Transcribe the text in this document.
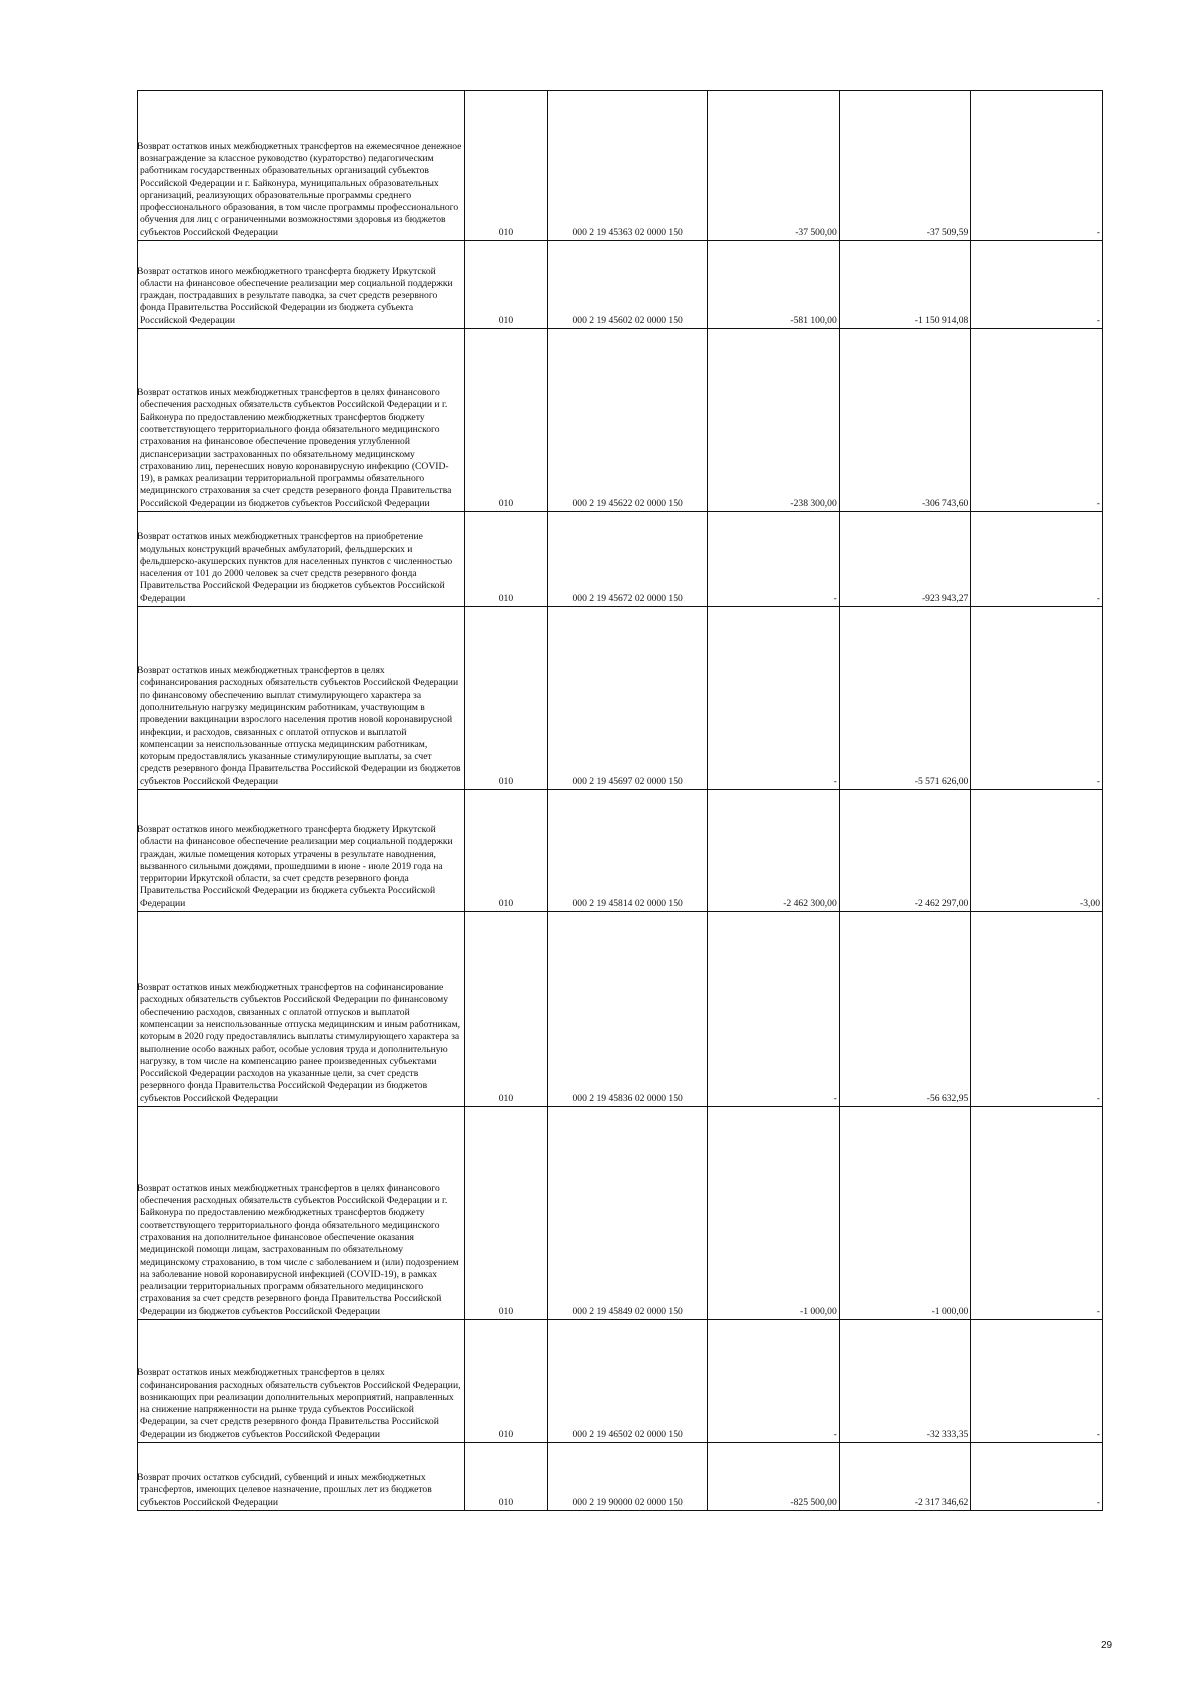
Возврат остатков иных межбюджетных трансфертов на ежемесячное денежное вознаграждение за классное руководство (кураторство) педагогическим работникам государственных образовательных организаций субъектов Российской Федерации и г. Байконура, муниципальных образовательных организаций, реализующих образовательные программы среднего профессионального образования, в том числе программы профессионального обучения для лиц с ограниченными возможностями здоровья из бюджетов субъектов Российской Федерации	010	000 2 19 45363 02 0000 150	-37 500,00	-37 509,59	-

Возврат остатков иного межбюджетного трансферта бюджету Иркутской области на финансовое обеспечение реализации мер социальной поддержки граждан, пострадавших в результате паводка, за счет средств резервного фонда Правительства Российской Федерации из бюджета субъекта Российской Федерации	010	000 2 19 45602 02 0000 150	-581 100,00	-1 150 914,08	-

Возврат остатков иных межбюджетных трансфертов в целях финансового обеспечения расходных обязательств субъектов Российской Федерации и г. Байконура по предоставлению межбюджетных трансфертов бюджету соответствующего территориального фонда обязательного медицинского страхования на финансовое обеспечение проведения углубленной диспансеризации застрахованных по обязательному медицинскому страхованию лиц, перенесших новую коронавирусную инфекцию (COVID-19), в рамках реализации территориальной программы обязательного медицинского страхования за счет средств резервного фонда Правительства Российской Федерации из бюджетов субъектов Российской Федерации	010	000 2 19 45622 02 0000 150	-238 300,00	-306 743,60	-

Возврат остатков иных межбюджетных трансфертов на приобретение модульных конструкций врачебных амбулаторий, фельдшерских и фельдшерско-акушерских пунктов для населенных пунктов с численностью населения от 101 до 2000 человек за счет средств резервного фонда Правительства Российской Федерации из бюджетов субъектов Российской Федерации	010	000 2 19 45672 02 0000 150	-	-923 943,27	-

Возврат остатков иных межбюджетных трансфертов в целях софинансирования расходных обязательств субъектов Российской Федерации по финансовому обеспечению выплат стимулирующего характера за дополнительную нагрузку медицинским работникам, участвующим в проведении вакцинации взрослого населения против новой коронавирусной инфекции, и расходов, связанных с оплатой отпусков и выплатой компенсации за неиспользованные отпуска медицинским работникам, которым предоставлялись указанные стимулирующие выплаты, за счет средств резервного фонда Правительства Российской Федерации из бюджетов субъектов Российской Федерации	010	000 2 19 45697 02 0000 150	-	-5 571 626,00	-

Возврат остатков иного межбюджетного трансферта бюджету Иркутской области на финансовое обеспечение реализации мер социальной поддержки граждан, жилые помещения которых утрачены в результате наводнения, вызванного сильными дождями, прошедшими в июне - июле 2019 года на территории Иркутской области, за счет средств резервного фонда Правительства Российской Федерации из бюджета субъекта Российской Федерации	010	000 2 19 45814 02 0000 150	-2 462 300,00	-2 462 297,00	-3,00

Возврат остатков иных межбюджетных трансфертов на софинансирование расходных обязательств субъектов Российской Федерации по финансовому обеспечению расходов, связанных с оплатой отпусков и выплатой компенсации за неиспользованные отпуска медицинским и иным работникам, которым в 2020 году предоставлялись выплаты стимулирующего характера за выполнение особо важных работ, особые условия труда и дополнительную нагрузку, в том числе на компенсацию ранее произведенных субъектами Российской Федерации расходов на указанные цели, за счет средств резервного фонда Правительства Российской Федерации из бюджетов субъектов Российской Федерации	010	000 2 19 45836 02 0000 150	-	-56 632,95	-

Возврат остатков иных межбюджетных трансфертов в целях финансового обеспечения расходных обязательств субъектов Российской Федерации и г. Байконура по предоставлению межбюджетных трансфертов бюджету соответствующего территориального фонда обязательного медицинского страхования на дополнительное финансовое обеспечение оказания медицинской помощи лицам, застрахованным по обязательному медицинскому страхованию, в том числе с заболеванием и (или) подозрением на заболевание новой коронавирусной инфекцией (COVID-19), в рамках реализации территориальных программ обязательного медицинского страхования за счет средств резервного фонда Правительства Российской Федерации из бюджетов субъектов Российской Федерации	010	000 2 19 45849 02 0000 150	-1 000,00	-1 000,00	-

Возврат остатков иных межбюджетных трансфертов в целях софинансирования расходных обязательств субъектов Российской Федерации, возникающих при реализации дополнительных мероприятий, направленных на снижение напряженности на рынке труда субъектов Российской Федерации, за счет средств резервного фонда Правительства Российской Федерации из бюджетов субъектов Российской Федерации	010	000 2 19 46502 02 0000 150	-	-32 333,35	-

Возврат прочих остатков субсидий, субвенций и иных межбюджетных трансфертов, имеющих целевое назначение, прошлых лет из бюджетов субъектов Российской Федерации	010	000 2 19 90000 02 0000 150	-825 500,00	-2 317 346,62	-
29
